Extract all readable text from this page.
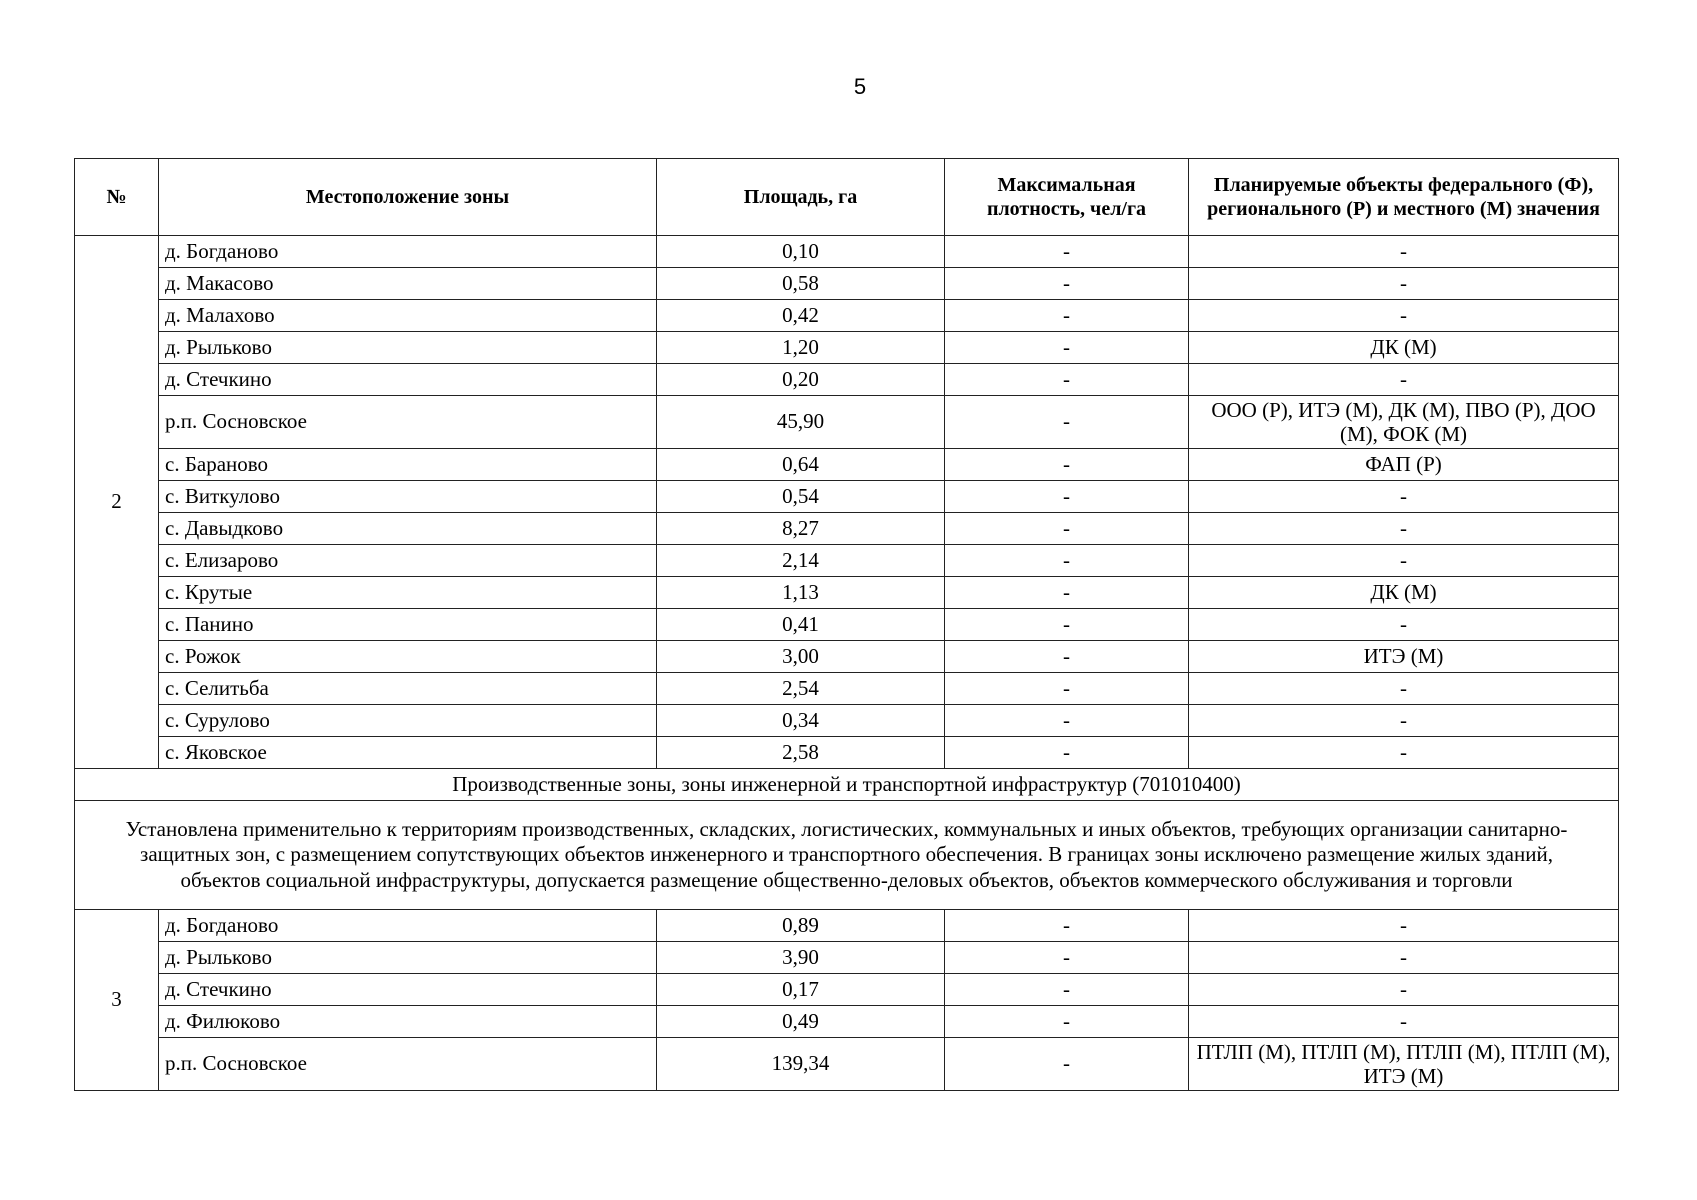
5
№	Местоположение зоны	Площадь, га	Максимальная плотность, чел/га	Планируемые объекты федерального (Ф), регионального (Р) и местного (М) значения
2	д. Богданово	0,10	-	-
	д. Макасово	0,58	-	-
	д. Малахово	0,42	-	-
	д. Рыльково	1,20	-	ДК (М)
	д. Стечкино	0,20	-	-
	р.п. Сосновское	45,90	-	ООО (Р), ИТЭ (М), ДК (М), ПВО (Р), ДОО (М), ФОК (М)
	с. Бараново	0,64	-	ФАП (Р)
	с. Виткулово	0,54	-	-
	с. Давыдково	8,27	-	-
	с. Елизарово	2,14	-	-
	с. Крутые	1,13	-	ДК (М)
	с. Панино	0,41	-	-
	с. Рожок	3,00	-	ИТЭ (М)
	с. Селитьба	2,54	-	-
	с. Сурулово	0,34	-	-
	с. Яковское	2,58	-	-
Производственные зоны, зоны инженерной и транспортной инфраструктур (701010400)				
Установлена применительно к территориям производственных, складских, логистических, коммунальных и иных объектов, требующих организации санитарно-защитных зон, с размещением сопутствующих объектов инженерного и транспортного обеспечения. В границах зоны исключено размещение жилых зданий, объектов социальной инфраструктуры, допускается размещение общественно-деловых объектов, объектов коммерческого обслуживания и торговли				
3	д. Богданово	0,89	-	-
	д. Рыльково	3,90	-	-
	д. Стечкино	0,17	-	-
	д. Филюково	0,49	-	-
	р.п. Сосновское	139,34	-	ПТЛП (М), ПТЛП (М), ПТЛП (М), ПТЛП (М), ИТЭ (М)
